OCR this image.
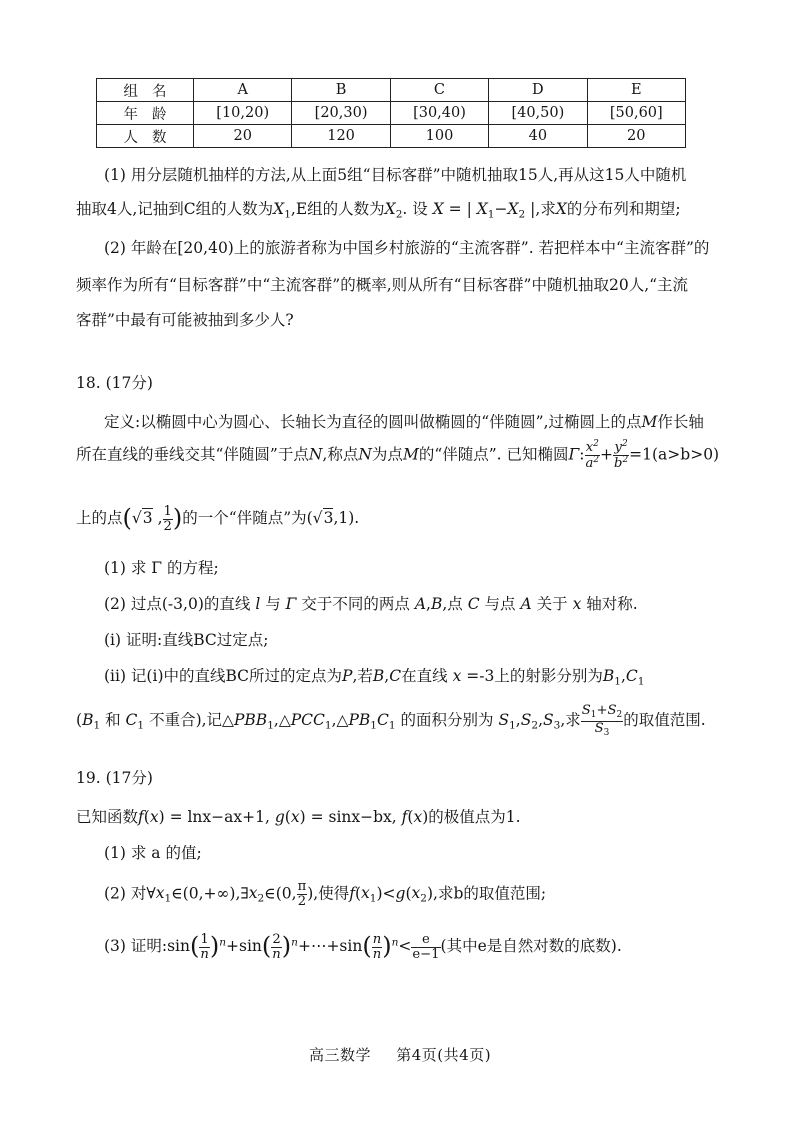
组名	A	B	C	D	E
年龄	[10,20)	[20,30)	[30,40)	[40,50)	[50,60]
人数	20	120	100	40	20
(1) 用分层随机抽样的方法,从上面5组“目标客群”中随机抽取15人,再从这15人中随机
抽取4人,记抽到C组的人数为$X_1,E$组的人数为$X_2$. 设 X = | $X_1-X_2$ |,求X的分布列和期望;
(2) 年龄在[20,40)上的旅游者称为中国乡村旅游的“主流客群”. 若把样本中“主流客群”的
频率作为所有“目标客群”中“主流客群”的概率,则从所有“目标客群”中随机抽取20人,“主流
客群”中最有可能被抽到多少人?
18. (17分)
定义:以椭圆中心为圆心、长轴长为直径的圆叫做椭圆的“伴随圆”,过椭圆上的点M作长轴
所在直线的垂线交其“伴随圆”于点N,称点N为点M的“伴随点”. 已知椭圆Γ: $\frac{x^2}{a^2} + \frac{y^2}{b^2} =1(a>b>0)$
上的点(√3 , $\frac{1}{2}$ )的一个“伴随点”为(√3,1).
(1) 求 Γ 的方程;
(2) 过点(-3,0)的直线 l 与 Γ 交于不同的两点 A,B,点 C 与点 A 关于 x 轴对称.
(i) 证明:直线BC过定点;
(ii) 记(i)中的直线BC所过的定点为P,若B,C在直线 x =-3上的射影分别为$B_1,C_1$
($B_1$ 和 $C_1$ 不重合),记$\triangle PBB_1,\triangle PCC_1,\triangle PB_1C_1$ 的面积分别为 $S_1,S_2,S_3$,求 $\frac{S_1+S_2}{S_3}$ 的取值范围.
19. (17分)
已知函数f(x) = lnx−ax+1, g(x) = sinx−bx, f(x)的极值点为1.
(1) 求 a 的值;
(2) 对$\forall x_1\in(0,+\infty),\exists x_2\in(0$, $\frac{\pi}{2}$ ),使得$f(x_1)<g(x_2)$,求b的取值范围;
(3) 证明:sin( $\frac{1}{n} )^n+\sin( \frac{2}{n}$ )$^n+\cdots+\sin( \frac{n}{n} )^n< \frac{e}{e-1}$ (其中e是自然对数的底数).
高三数学 第4页(共4页)
